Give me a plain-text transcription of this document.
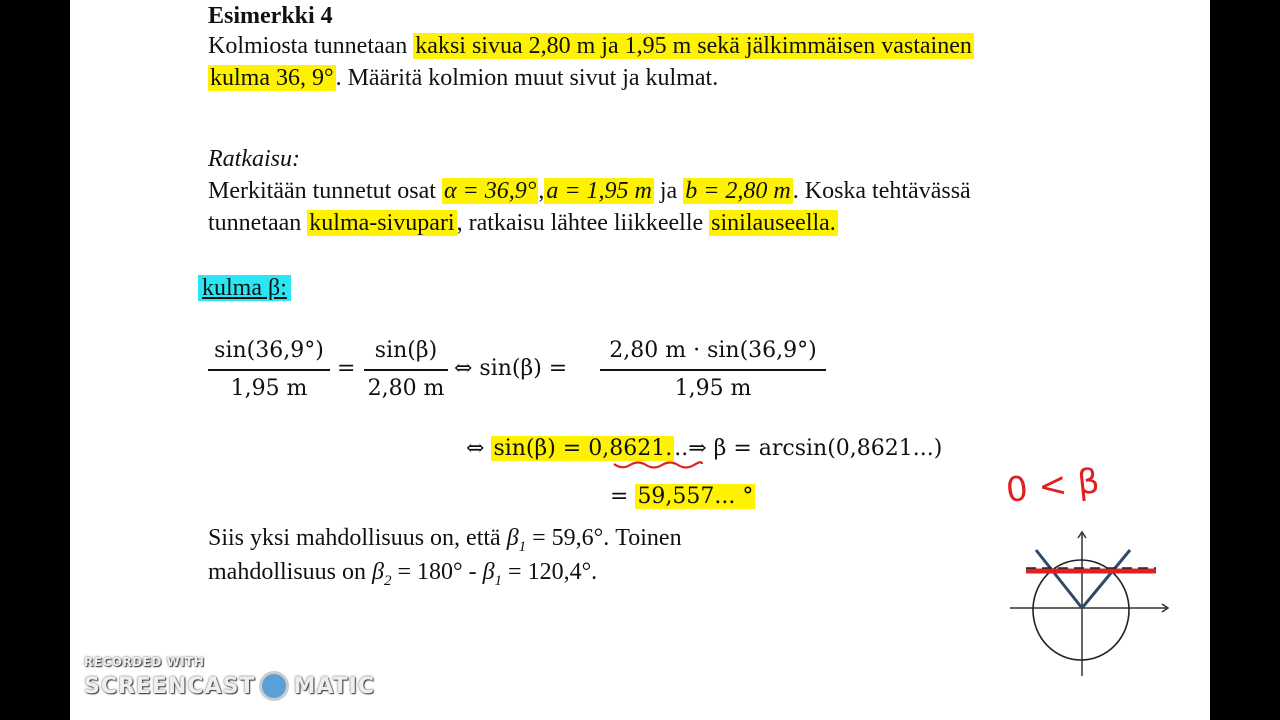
Esimerkki 4
Kolmiosta tunnetaan kaksi sivua 2,80 m ja 1,95 m sekä jälkimmäisen vastainen
kulma 36, 9°. Määritä kolmion muut sivut ja kulmat.
Ratkaisu:
Merkitään tunnetut osat α = 36,9°,a = 1,95 m ja b = 2,80 m. Koska tehtävässä
tunnetaan kulma-sivupari, ratkaisu lähtee liikkeelle sinilauseella.
kulma β:
sin(36,9°)
1,95 m
=
sin(β)
2,80 m
⇔ sin(β) =
2,80 m · sin(36,9°)
1,95 m
⇔ sin(β) = 0,8621...⇒ β = arcsin(0,8621...)
= 59,557... °
Siis yksi mahdollisuus on, että $\beta_1 = 59,6^\circ$. Toinen
mahdollisuus on $\beta_2 = 180^\circ - \beta_1 = 120,4^\circ$.
0 < β
RECORDED WITH
SCREENCAST MATIC
